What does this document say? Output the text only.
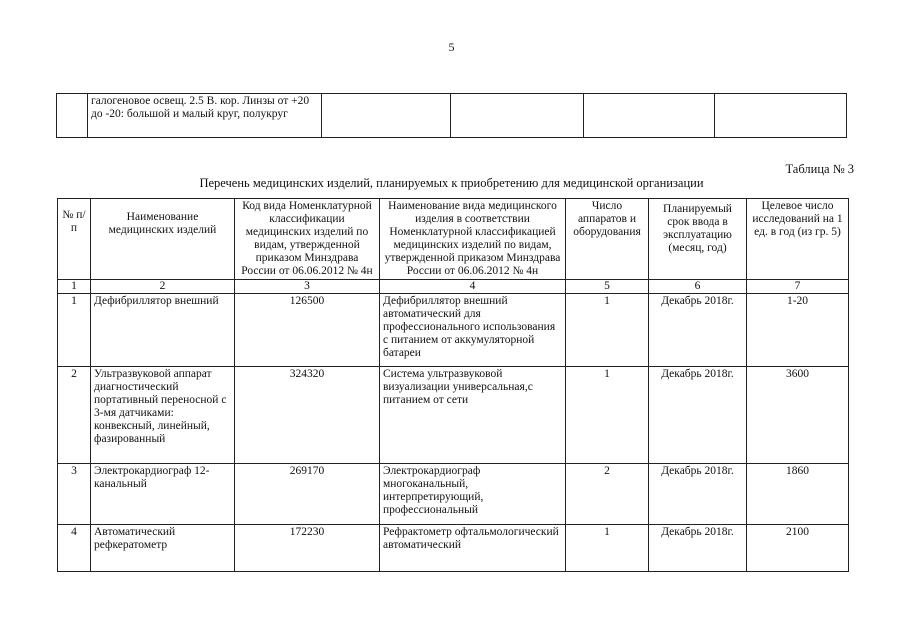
5
	галогеновое освещ. 2.5 В. кор. Линзы от +20 до -20: большой и малый круг, полукруг				
Таблица № 3
Перечень медицинских изделий, планируемых к приобретению для медицинской организации
№ п/п	Наименование медицинских изделий	Код вида Номенклатурной классификации медицинских изделий по видам, утвержденной приказом Минздрава России от 06.06.2012 № 4н	Наименование вида медицинского изделия в соответствии Номенклатурной классификацией медицинских изделий по видам, утвержденной приказом Минздрава России от 06.06.2012 № 4н	Число аппаратов и оборудования	Планируемый срок ввода в эксплуатацию (месяц, год)	Целевое число исследований на 1 ед. в год (из гр. 5)
1	2	3	4	5	6	7
1	Дефибриллятор внешний	126500	Дефибриллятор внешний автоматический для профессионального использования с питанием от аккумуляторной батареи	1	Декабрь 2018г.	1-20
2	Ультразвуковой аппарат диагностический портативный переносной с 3-мя датчиками: конвексный, линейный, фазированный	324320	Система ультразвуковой визуализации универсальная,с питанием от сети	1	Декабрь 2018г.	3600
3	Электрокардиограф 12-канальный	269170	Электрокардиограф многоканальный, интерпретирующий, профессиональный	2	Декабрь 2018г.	1860
4	Автоматический рефкератометр	172230	Рефрактометр офтальмологический автоматический	1	Декабрь 2018г.	2100
